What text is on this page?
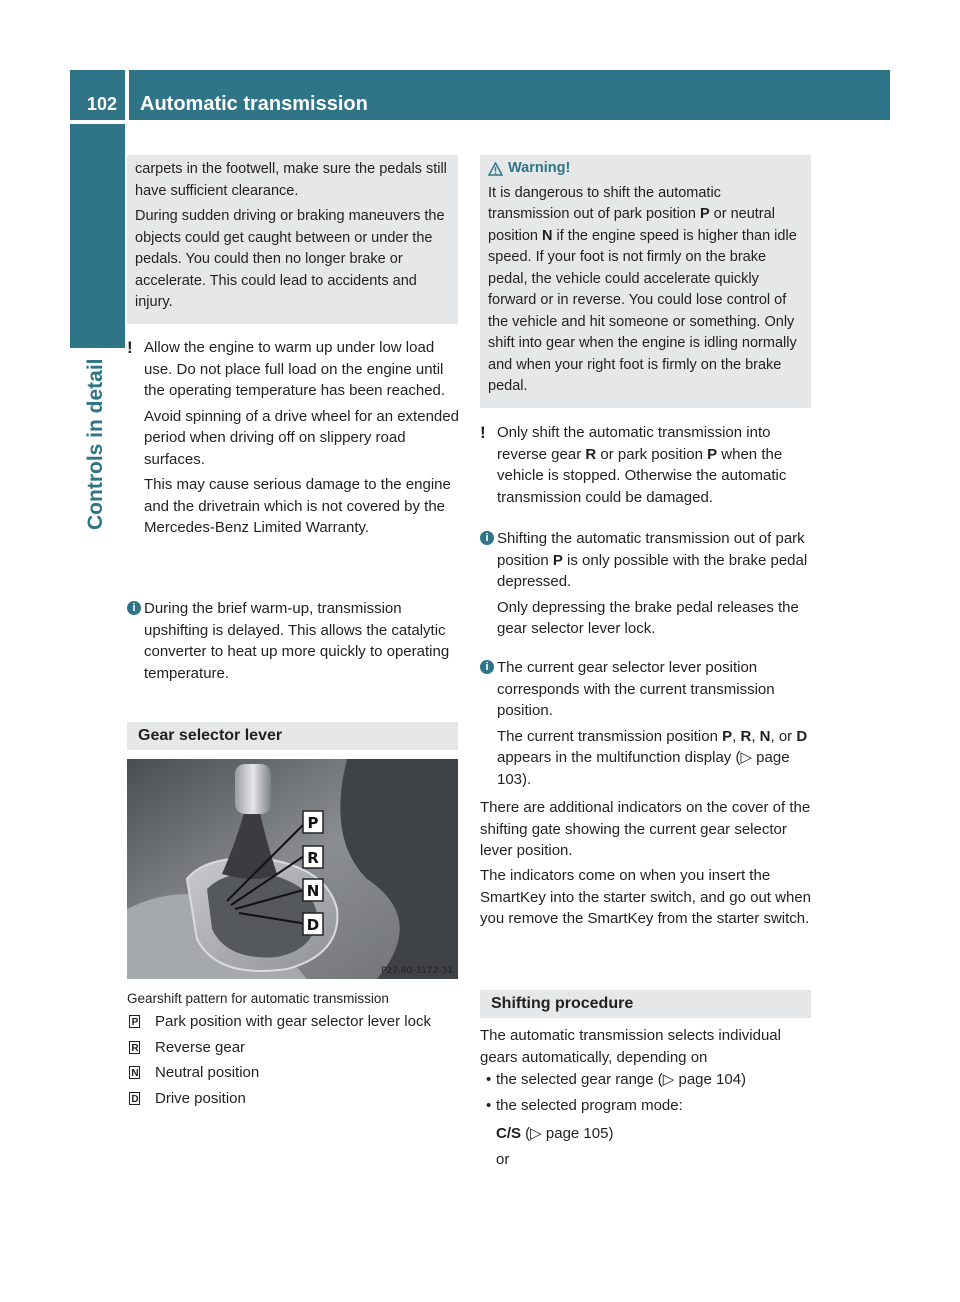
102 Automatic transmission
Controls in detail

carpets in the footwell, make sure the pedals still have sufficient clearance.

During sudden driving or braking maneuvers the objects could get caught between or under the pedals. You could then no longer brake or accelerate. This could lead to accidents and injury.

! Allow the engine to warm up under low load use. Do not place full load on the engine until the operating temperature has been reached.

Avoid spinning of a drive wheel for an extended period when driving off on slippery road surfaces.

This may cause serious damage to the engine and the drivetrain which is not covered by the Mercedes-Benz Limited Warranty.

i During the brief warm-up, transmission upshifting is delayed. This allows the catalytic converter to heat up more quickly to operating temperature.

Gear selector lever
P
R
N
D
P27.60-3172-31

Gearshift pattern for automatic transmission

P Park position with gear selector lever lock
R Reverse gear
N Neutral position
D Drive position
Warning!

It is dangerous to shift the automatic transmission out of park position P or neutral position N if the engine speed is higher than idle speed. If your foot is not firmly on the brake pedal, the vehicle could accelerate quickly forward or in reverse. You could lose control of the vehicle and hit someone or something. Only shift into gear when the engine is idling normally and when your right foot is firmly on the brake pedal.

! Only shift the automatic transmission into reverse gear R or park position P when the vehicle is stopped. Otherwise the automatic transmission could be damaged.

i Shifting the automatic transmission out of park position P is only possible with the brake pedal depressed.

Only depressing the brake pedal releases the gear selector lever lock.

i The current gear selector lever position corresponds with the current transmission position.

The current transmission position P, R, N, or D appears in the multifunction display (▷ page 103).

There are additional indicators on the cover of the shifting gate showing the current gear selector lever position.

The indicators come on when you insert the SmartKey into the starter switch, and go out when you remove the SmartKey from the starter switch.

Shifting procedure

The automatic transmission selects individual gears automatically, depending on

• the selected gear range (▷ page 104)
• the selected program mode:
C/S (▷ page 105)
or
